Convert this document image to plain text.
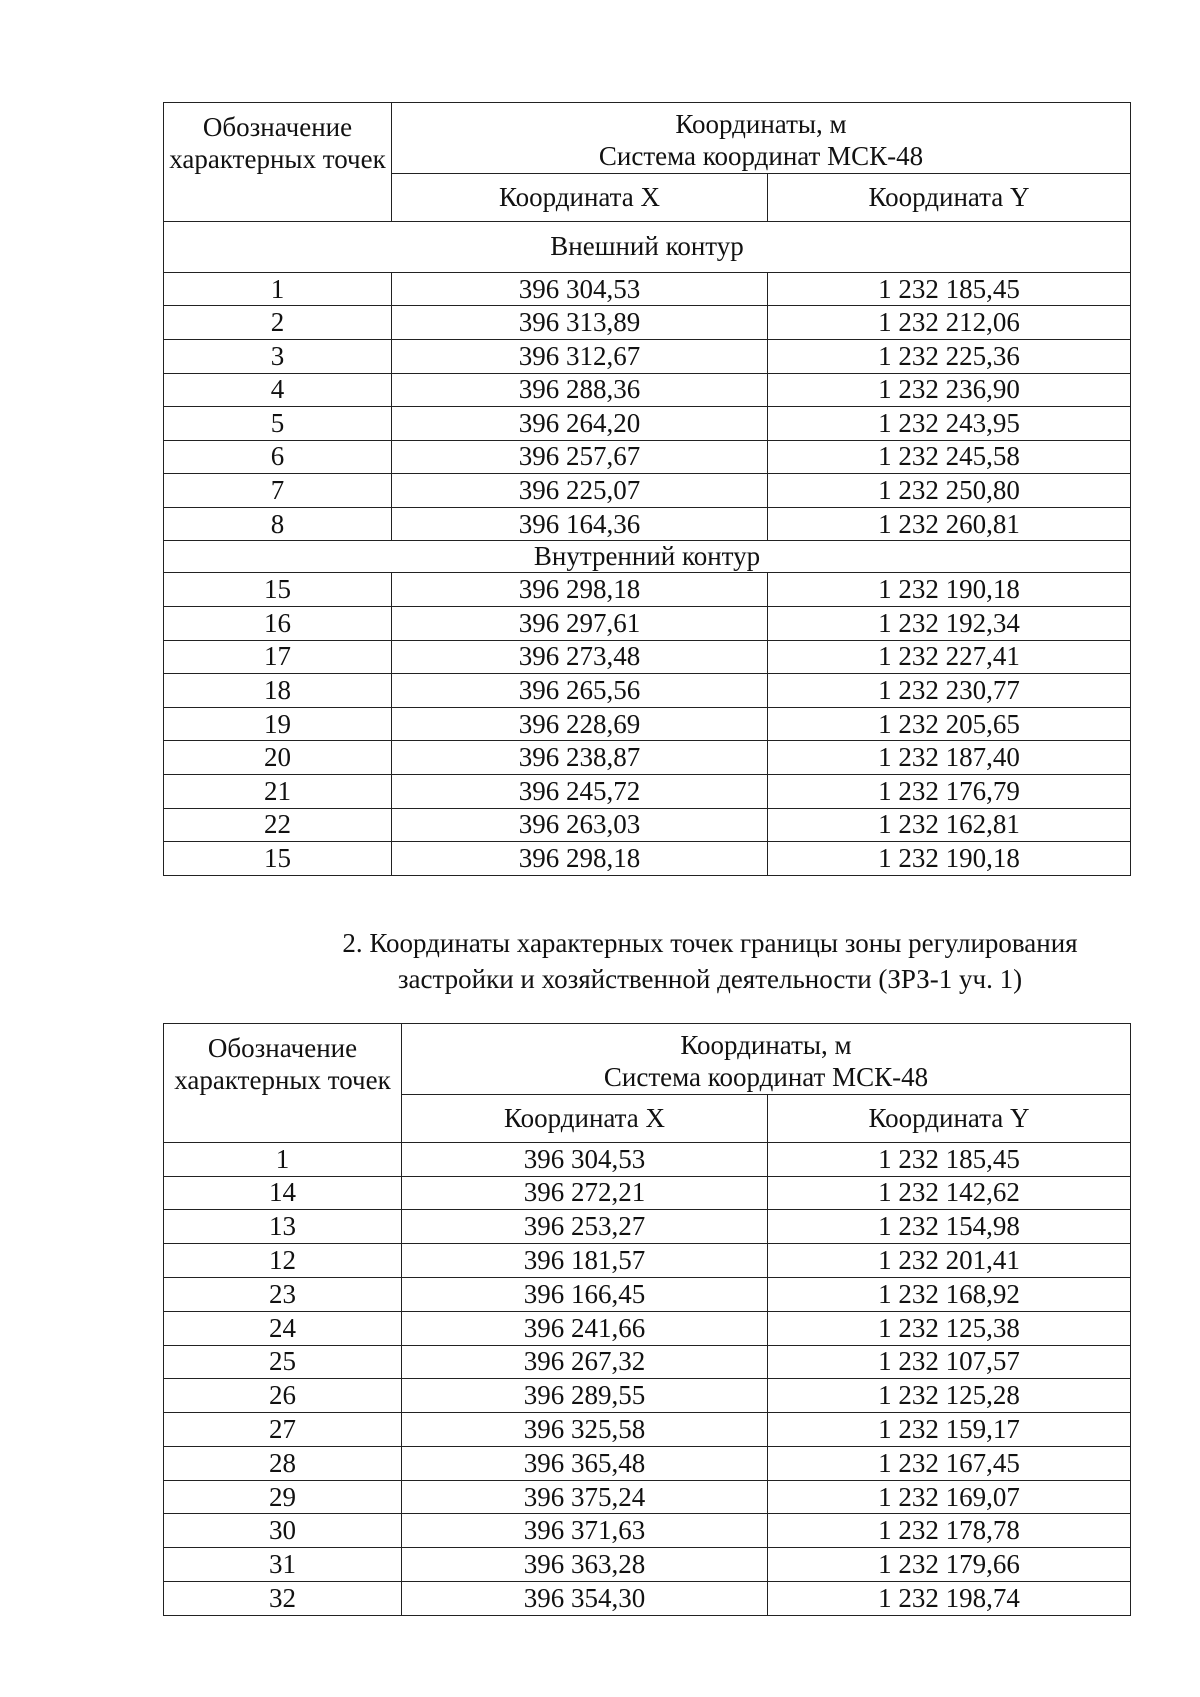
Обозначение характерных точек	Координаты, м
Система координат МСК-48	

	Координата X	Координата Y
Внешний контур		
1	396 304,53	1 232 185,45
2	396 313,89	1 232 212,06
3	396 312,67	1 232 225,36
4	396 288,36	1 232 236,90
5	396 264,20	1 232 243,95
6	396 257,67	1 232 245,58
7	396 225,07	1 232 250,80
8	396 164,36	1 232 260,81
Внутренний контур		
15	396 298,18	1 232 190,18
16	396 297,61	1 232 192,34
17	396 273,48	1 232 227,41
18	396 265,56	1 232 230,77
19	396 228,69	1 232 205,65
20	396 238,87	1 232 187,40
21	396 245,72	1 232 176,79
22	396 263,03	1 232 162,81
15	396 298,18	1 232 190,18
2. Координаты характерных точек границы зоны регулирования
застройки и хозяйственной деятельности (ЗРЗ-1 уч. 1)
Обозначение характерных точек	Координаты, м
Система координат МСК-48	

	Координата X	Координата Y
1	396 304,53	1 232 185,45
14	396 272,21	1 232 142,62
13	396 253,27	1 232 154,98
12	396 181,57	1 232 201,41
23	396 166,45	1 232 168,92
24	396 241,66	1 232 125,38
25	396 267,32	1 232 107,57
26	396 289,55	1 232 125,28
27	396 325,58	1 232 159,17
28	396 365,48	1 232 167,45
29	396 375,24	1 232 169,07
30	396 371,63	1 232 178,78
31	396 363,28	1 232 179,66
32	396 354,30	1 232 198,74
